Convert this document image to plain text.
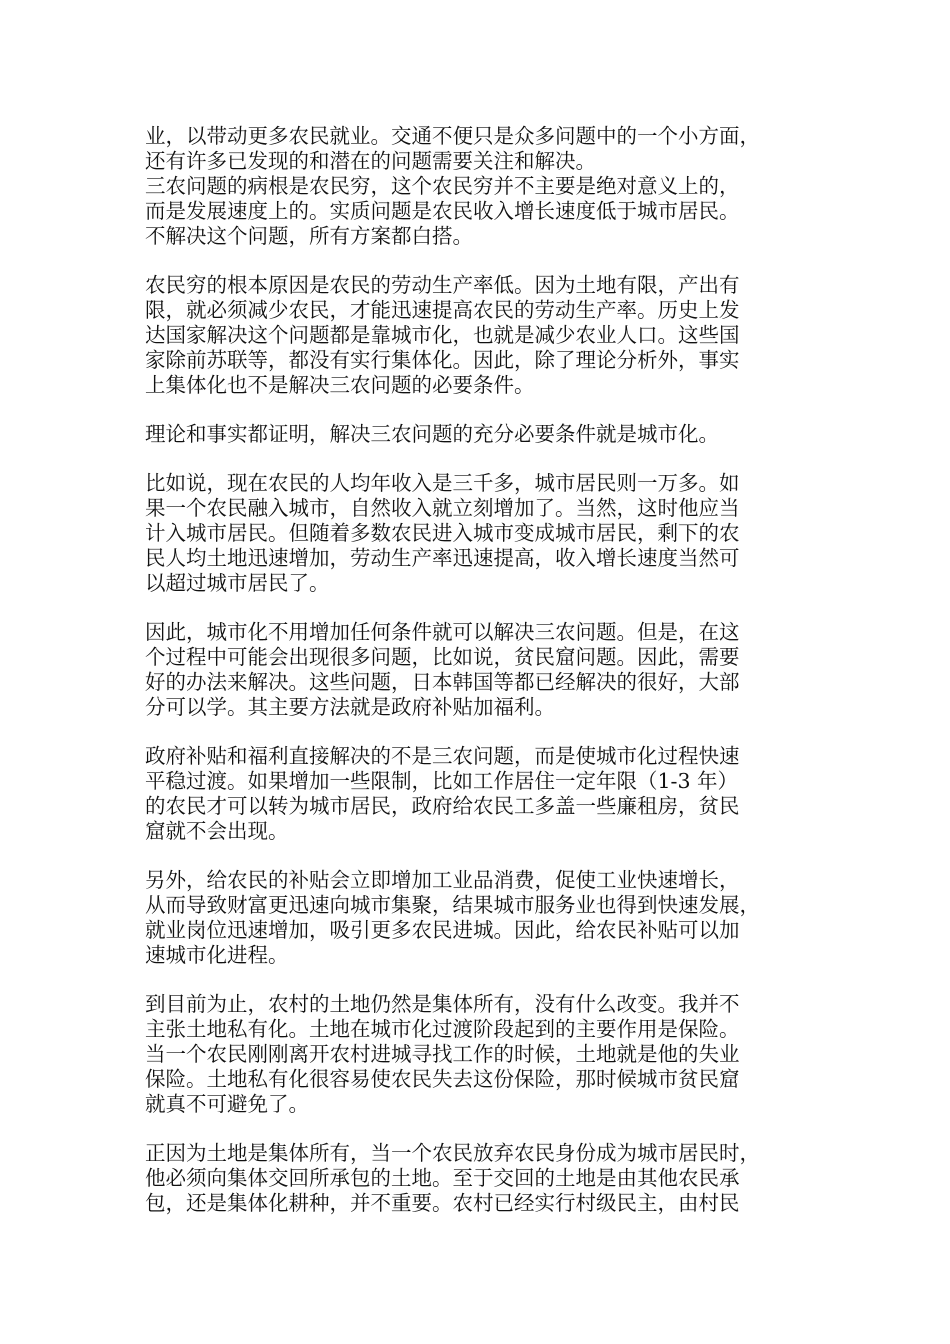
业，以带动更多农民就业。交通不便只是众多问题中的一个小方面，
还有许多已发现的和潜在的问题需要关注和解决。
三农问题的病根是农民穷，这个农民穷并不主要是绝对意义上的，
而是发展速度上的。实质问题是农民收入增长速度低于城市居民。
不解决这个问题，所有方案都白搭。
农民穷的根本原因是农民的劳动生产率低。因为土地有限，产出有
限，就必须减少农民，才能迅速提高农民的劳动生产率。历史上发
达国家解决这个问题都是靠城市化，也就是减少农业人口。这些国
家除前苏联等，都没有实行集体化。因此，除了理论分析外，事实
上集体化也不是解决三农问题的必要条件。
理论和事实都证明，解决三农问题的充分必要条件就是城市化。
比如说，现在农民的人均年收入是三千多，城市居民则一万多。如
果一个农民融入城市，自然收入就立刻增加了。当然，这时他应当
计入城市居民。但随着多数农民进入城市变成城市居民，剩下的农
民人均土地迅速增加，劳动生产率迅速提高，收入增长速度当然可
以超过城市居民了。
因此，城市化不用增加任何条件就可以解决三农问题。但是，在这
个过程中可能会出现很多问题，比如说，贫民窟问题。因此，需要
好的办法来解决。这些问题，日本韩国等都已经解决的很好，大部
分可以学。其主要方法就是政府补贴加福利。
政府补贴和福利直接解决的不是三农问题，而是使城市化过程快速
平稳过渡。如果增加一些限制，比如工作居住一定年限（1-3 年）
的农民才可以转为城市居民，政府给农民工多盖一些廉租房，贫民
窟就不会出现。
另外，给农民的补贴会立即增加工业品消费，促使工业快速增长，
从而导致财富更迅速向城市集聚，结果城市服务业也得到快速发展，
就业岗位迅速增加，吸引更多农民进城。因此，给农民补贴可以加
速城市化进程。
到目前为止，农村的土地仍然是集体所有，没有什么改变。我并不
主张土地私有化。土地在城市化过渡阶段起到的主要作用是保险。
当一个农民刚刚离开农村进城寻找工作的时候，土地就是他的失业
保险。土地私有化很容易使农民失去这份保险，那时候城市贫民窟
就真不可避免了。
正因为土地是集体所有，当一个农民放弃农民身份成为城市居民时，
他必须向集体交回所承包的土地。至于交回的土地是由其他农民承
包，还是集体化耕种，并不重要。农村已经实行村级民主，由村民
